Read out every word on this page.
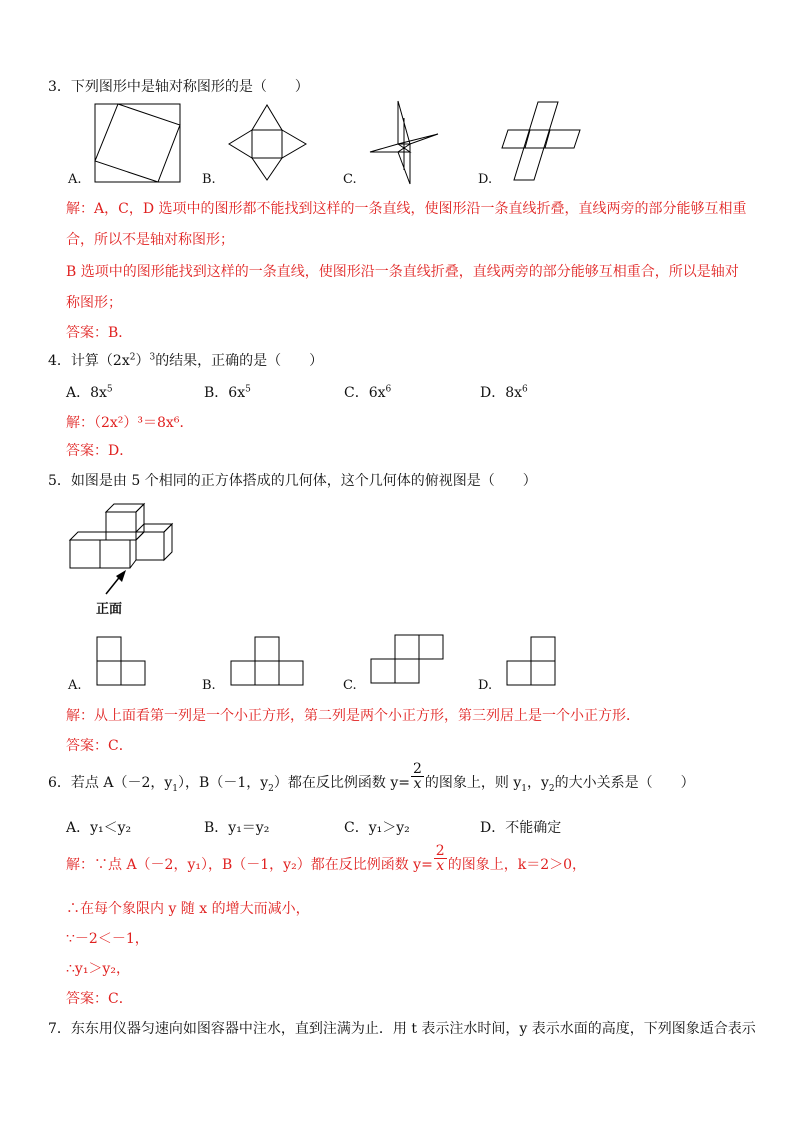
3．下列图形中是轴对称图形的是（　　）
A.	B.	C.	D.
解：A，C，D 选项中的图形都不能找到这样的一条直线，使图形沿一条直线折叠，直线两旁的部分能够互相重
合，所以不是轴对称图形；
B 选项中的图形能找到这样的一条直线，使图形沿一条直线折叠，直线两旁的部分能够互相重合，所以是轴对
称图形；
答案：B．
4．计算$(2x^2)^3$的结果，正确的是（　　）
A．$8x^5$	B．$6x^5$	C．$6x^6$	D．$8x^6$
解：（2x²）³＝8x⁶．
答案：D．
5．如图是由 5 个相同的正方体搭成的几何体，这个几何体的俯视图是（　　）
正面
A.	B.	C.	D.
解：从上面看第一列是一个小正方形，第二列是两个小正方形，第三列居上是一个小正方形．
答案：C．
6．若点 A（－2，$y_1$），B（－1，$y_2$）都在反比例函数 $y= \frac{2}{x}$ 的图象上，则 $y_1$，$y_2$的大小关系是（　　）
A．y₁＜y₂	B．y₁＝y₂	C．y₁＞y₂	D．不能确定
解：∵点 A（－2，y₁），B（－1，y₂）都在反比例函数 $y= \frac{2}{x}$ 的图象上，k＝2＞0，
∴在每个象限内 y 随 x 的增大而减小，
∵－2＜－1，
∴y₁＞y₂，
答案：C．
7．东东用仪器匀速向如图容器中注水，直到注满为止．用 t 表示注水时间，y 表示水面的高度，下列图象适合表示
